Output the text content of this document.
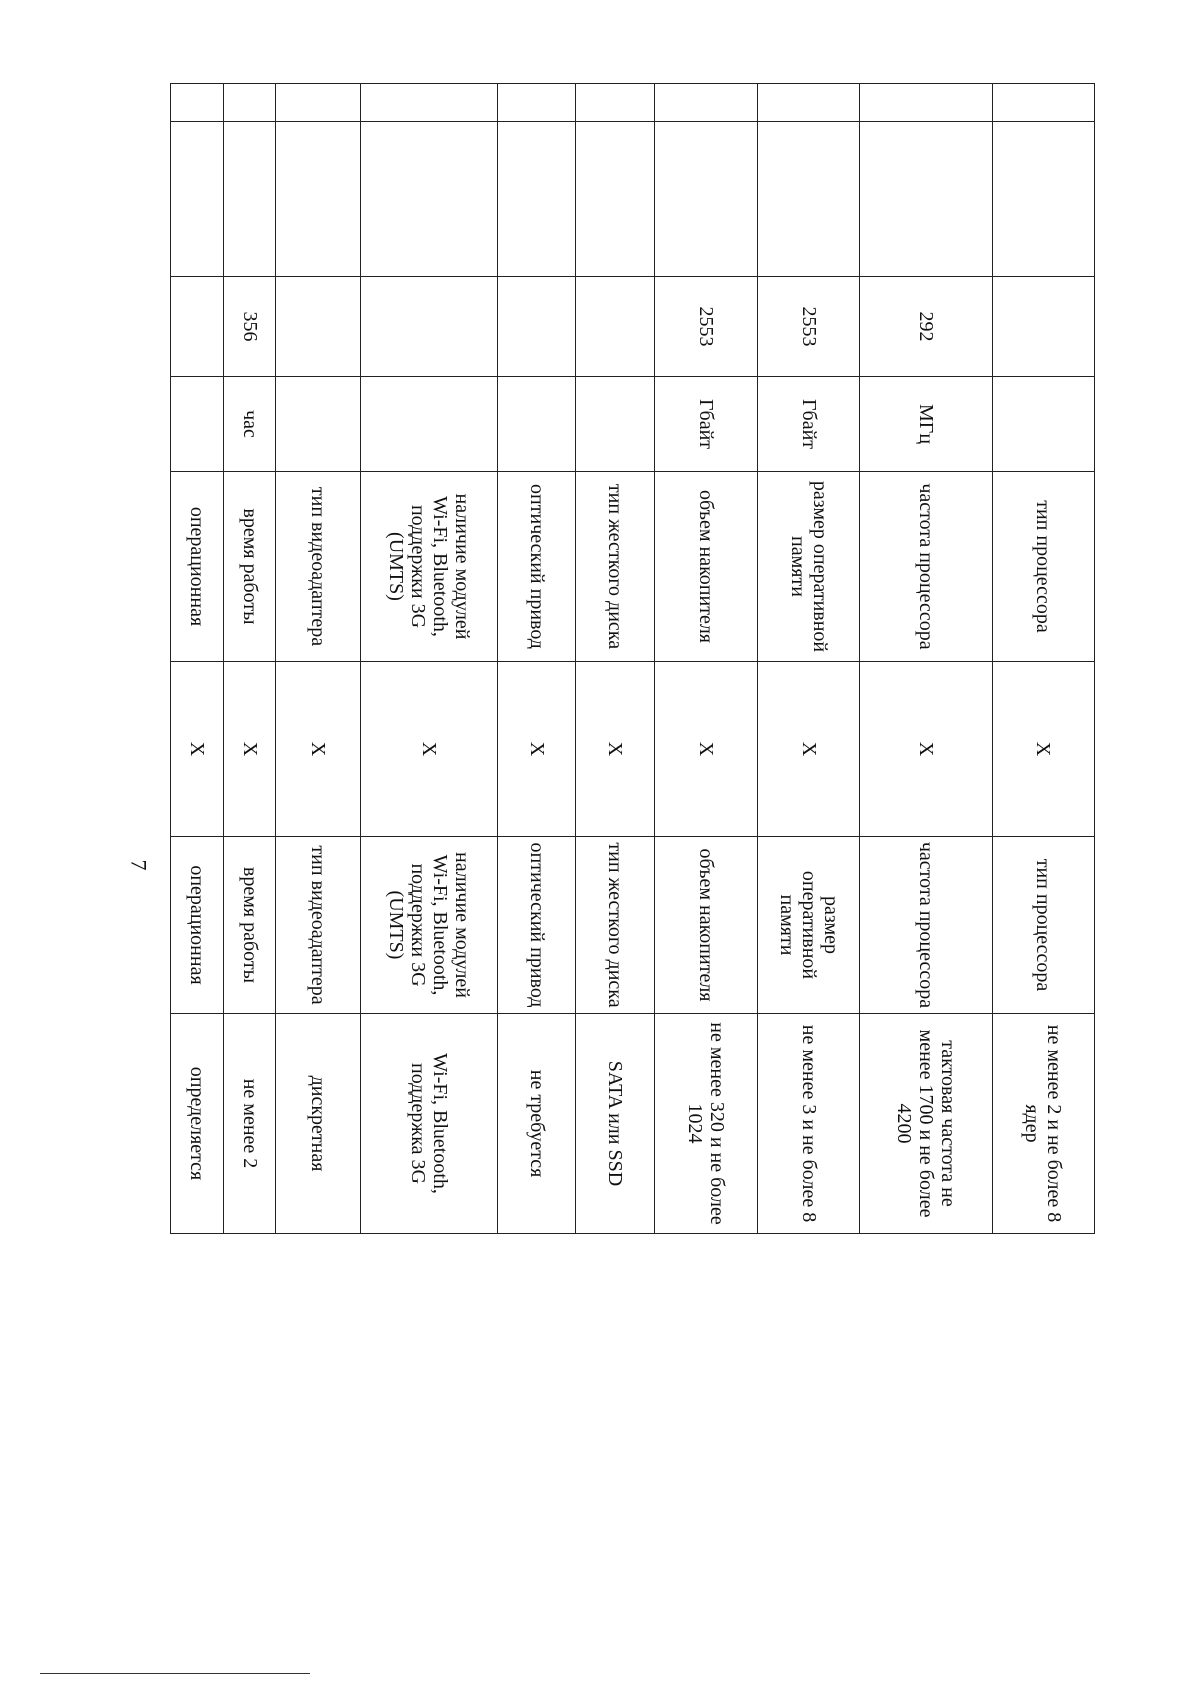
7
				тип процессора	X	тип процессора	не менее 2 и не более 8 ядер
		292	МГц	частота процессора	X	частота процессора	тактовая частота не менее 1700 и не более 4200
		2553	Гбайт	размер оперативной памяти	X	размер оперативной памяти	не менее 3 и не более 8
		2553	Гбайт	объем накопителя	X	объем накопителя	не менее 320 и не более 1024
				тип жесткого диска	X	тип жесткого диска	SATA или SSD
				оптический привод	X	оптический привод	не требуется
				наличие модулей Wi-Fi, Bluetooth, поддержки 3G (UMTS)	X	наличие модулей Wi-Fi, Bluetooth, поддержки 3G (UMTS)	Wi-Fi, Bluetooth, поддержка 3G
				тип видеоадаптера	X	тип видеоадаптера	дискретная
		356	час	время работы	X	время работы	не менее 2
				операционная	X	операционная	определяется
